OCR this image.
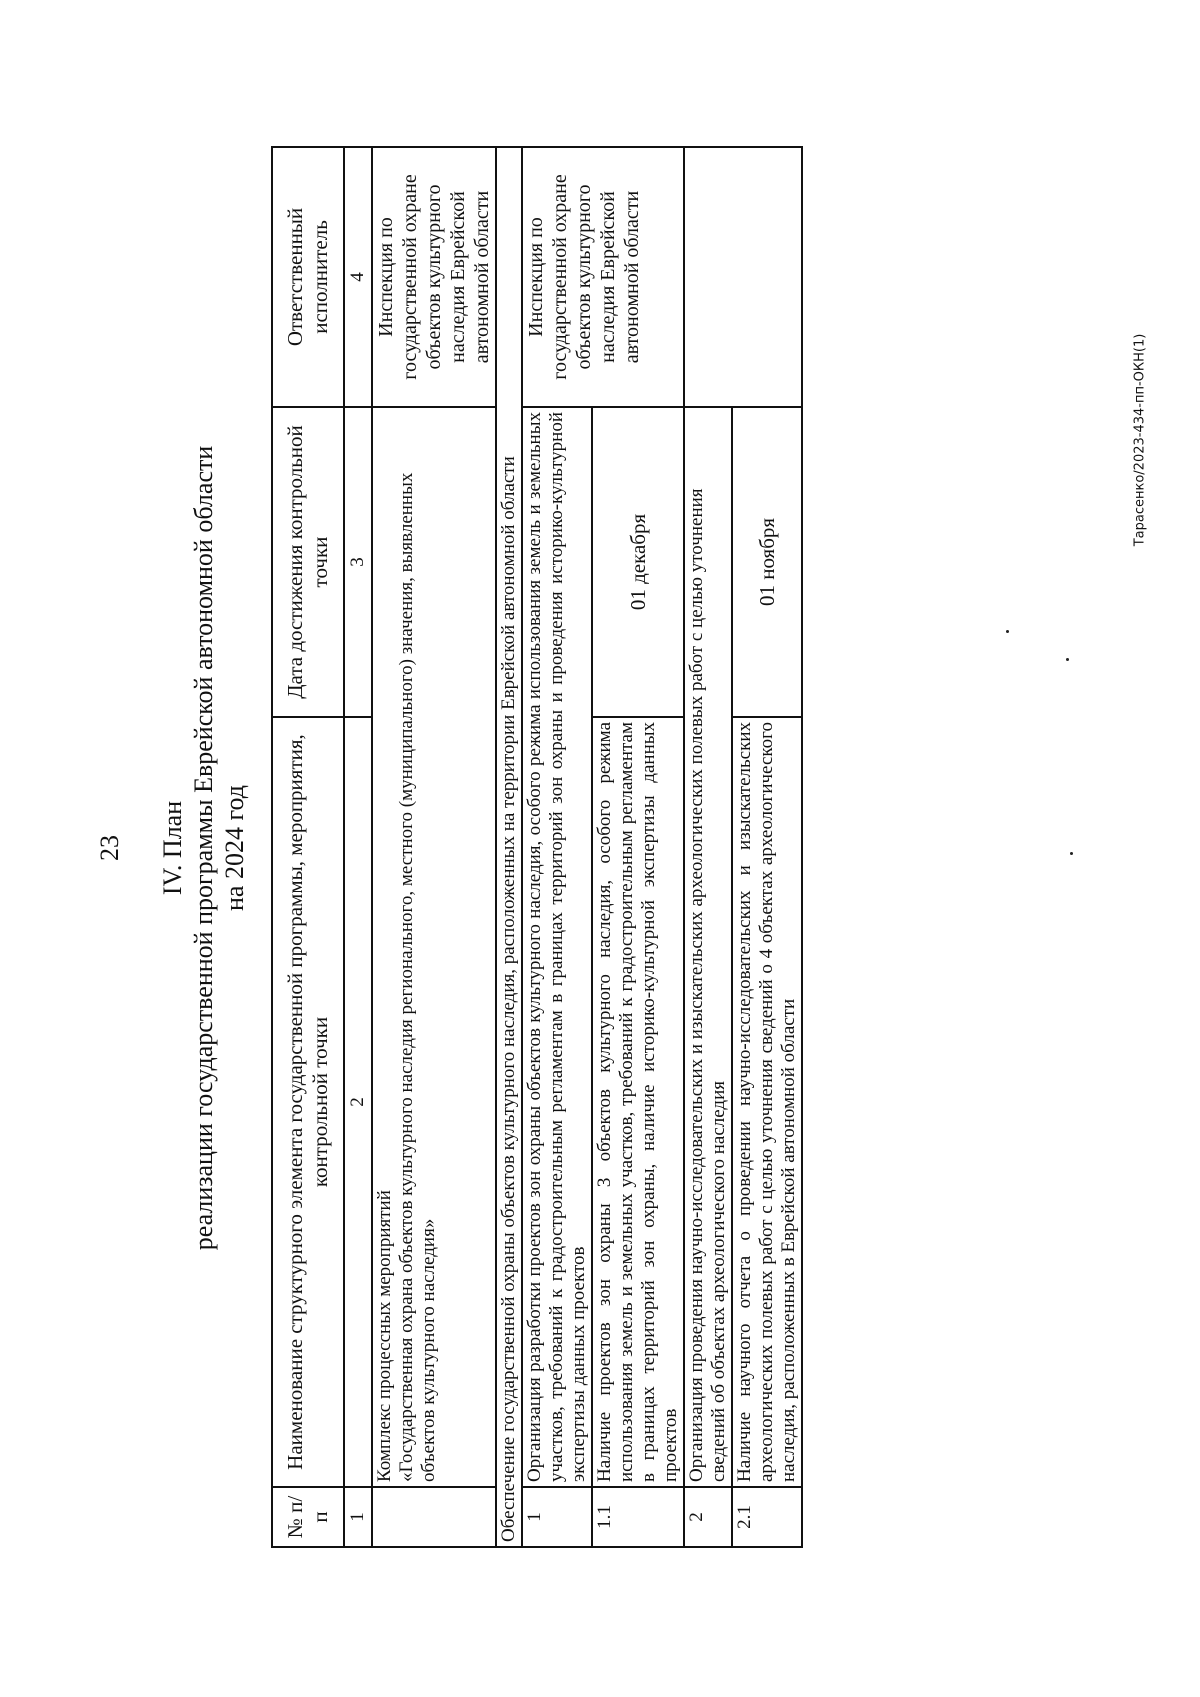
23 IV. План реализации государственной программы Еврейской автономной области на 2024 год
№ п/п	Наименование структурного элемента государственной программы, мероприятия, контрольной точки	Дата достижения контрольной точки	Ответственный исполнитель
1	2	3	4

	Комплекс процессных мероприятий «Государственная охрана объектов культурного наследия регионального, местного (муниципального) значения, выявленных объектов культурного наследия»		Инспекция по государственной охране объектов культурного наследия Еврейской автономной области
Обеспечение государственной охраны объектов культурного наследия, расположенных на территории Еврейской автономной области			
1	Организация разработки проектов зон охраны объектов культурного наследия, особого режима использования земель и земельных участков, требований к градостроительным регламентам в границах территорий зон охраны и проведения историко-культурной экспертизы данных проектов		Инспекция по государственной охране объектов культурного наследия Еврейской автономной области
1.1	Наличие проектов зон охраны 3 объектов культурного наследия, особого режима использования земель и земельных участков, требований к градостроительным регламентам в границах территорий зон охраны, наличие историко-культурной экспертизы данных проектов	01 декабря	
2	Организация проведения научно-исследовательских и изыскательских археологических полевых работ с целью уточнения сведений об объектах археологического наследия		
2.1	Наличие научного отчета о проведении научно-исследовательских и изыскательских археологических полевых работ с целью уточнения сведений о 4 объектах археологического наследия, расположенных в Еврейской автономной области	01 ноября	
Тарасенко/2023-434-пп-ОКН(1)
